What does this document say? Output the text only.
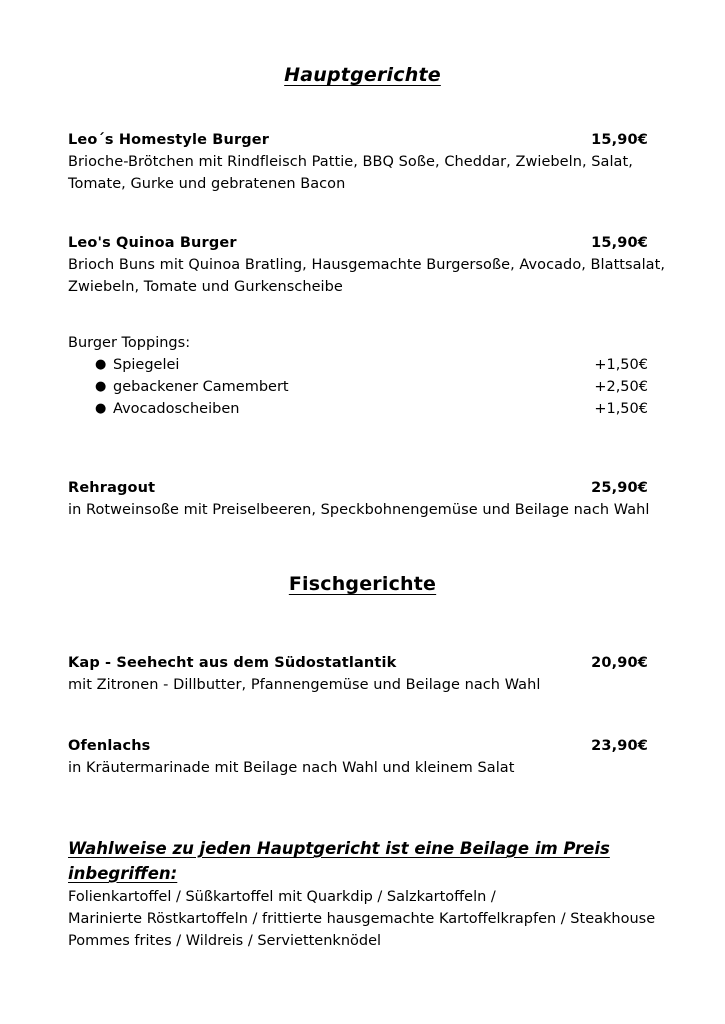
Hauptgerichte
Leo´s Homestyle Burger	15,90€
Brioche-Brötchen mit Rindfleisch Pattie, BBQ Soße, Cheddar, Zwiebeln, Salat,
Tomate, Gurke und gebratenen Bacon
Leo's Quinoa Burger	15,90€
Brioch Buns mit Quinoa Bratling, Hausgemachte Burgersoße, Avocado, Blattsalat,
Zwiebeln, Tomate und Gurkenscheibe
Burger Toppings:
● Spiegelei	+1,50€
● gebackener Camembert	+2,50€
● Avocadoscheiben	+1,50€
Rehragout	25,90€
in Rotweinsoße mit Preiselbeeren, Speckbohnengemüse und Beilage nach Wahl
Fischgerichte
Kap - Seehecht aus dem Südostatlantik	20,90€
mit Zitronen - Dillbutter, Pfannengemüse und Beilage nach Wahl
Ofenlachs	23,90€
in Kräutermarinade mit Beilage nach Wahl und kleinem Salat
Wahlweise zu jeden Hauptgericht ist eine Beilage im Preis
inbegriffen:
Folienkartoffel / Süßkartoffel mit Quarkdip / Salzkartoffeln /
Marinierte Röstkartoffeln / frittierte hausgemachte Kartoffelkrapfen / Steakhouse
Pommes frites / Wildreis / Serviettenknödel
